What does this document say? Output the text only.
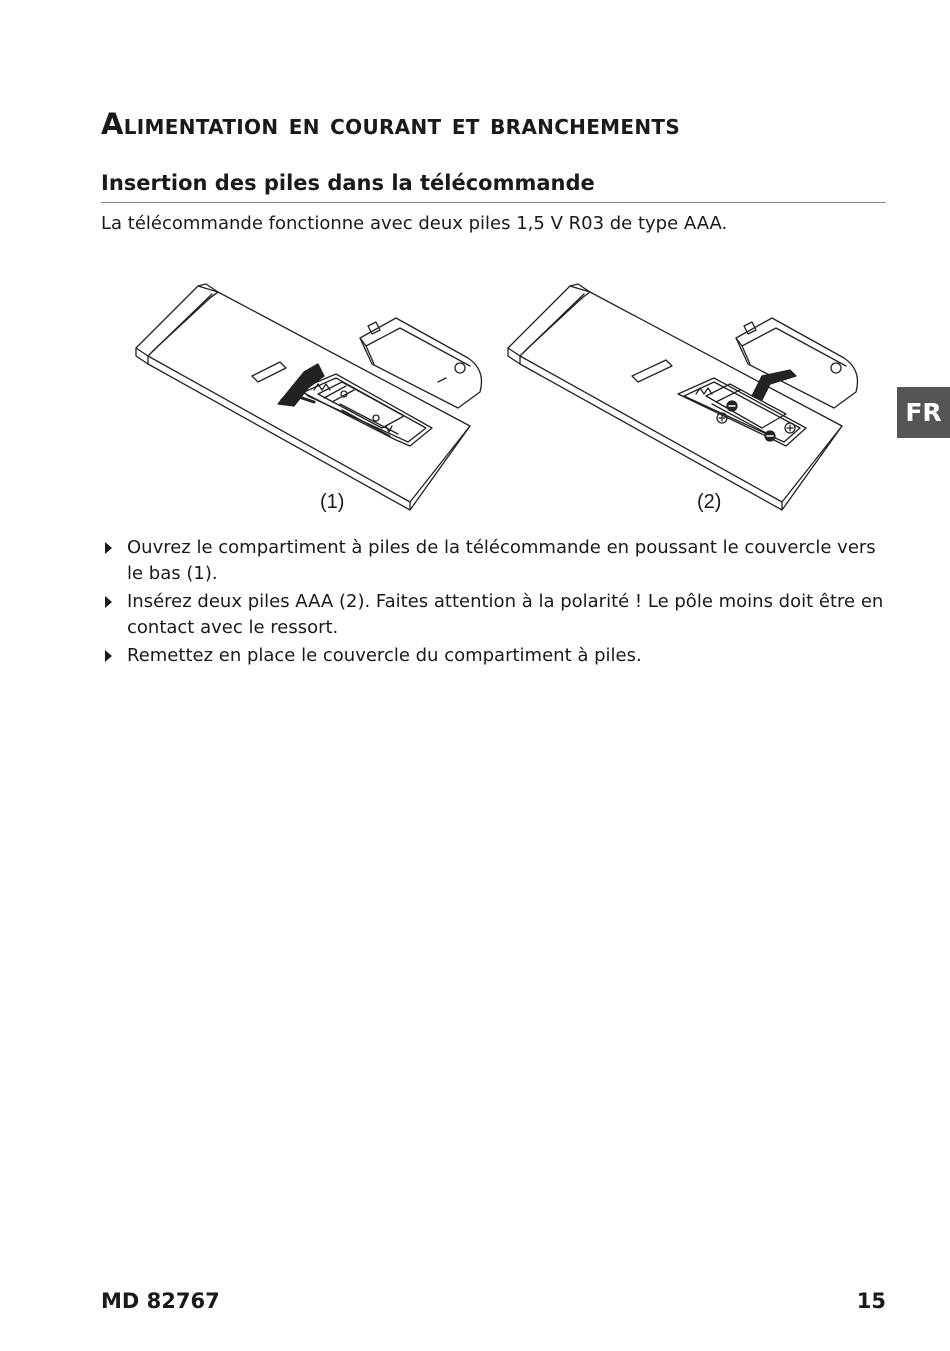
Alimentation en courant et branchements
Insertion des piles dans la télécommande

La télécommande fonctionne avec deux piles 1,5 V R03 de type AAA.

(1)	(2)
FR
Ouvrez le compartiment à piles de la télécommande en poussant le couvercle vers le bas (1).
Insérez deux piles AAA (2). Faites attention à la polarité ! Le pôle moins doit être en contact avec le ressort.
Remettez en place le couvercle du compartiment à piles.
MD 82767	15
